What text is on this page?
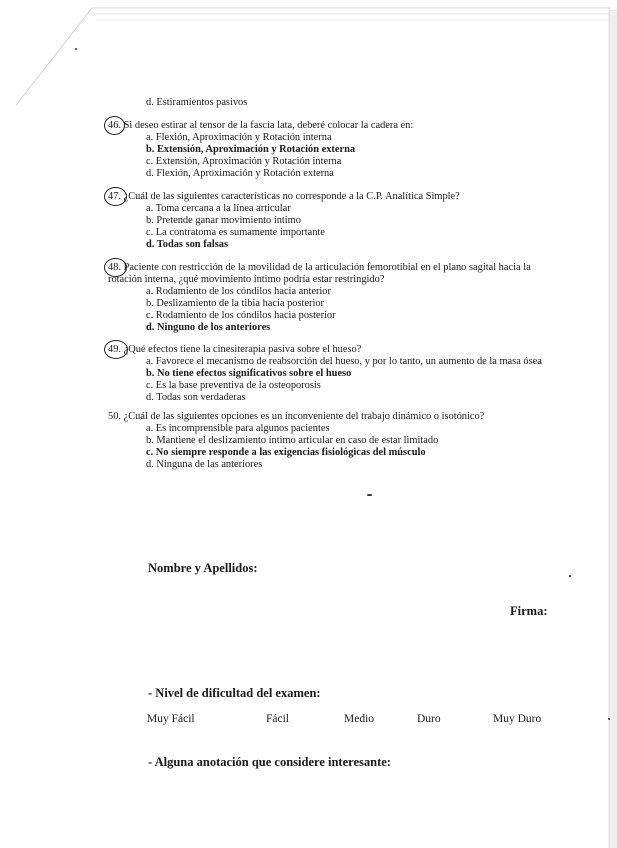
d. Estiramientos pasivos
46. Si deseo estirar al tensor de la fascia lata, deberé colocar la cadera en:
a. Flexión, Aproximación y Rotación interna
b. Extensión, Aproximación y Rotación externa
c. Extensión, Aproximación y Rotación interna
d. Flexión, Aproximación y Rotación externa
47. ¿Cuál de las siguientes características no corresponde a la C.P. Analítica Simple?
a. Toma cercana a la línea articular
b. Pretende ganar movimiento íntimo
c. La contratoma es sumamente importante
d. Todas son falsas
48. Paciente con restricción de la movilidad de la articulación femorotibial en el plano sagital hacia la
rotación interna, ¿qué movimiento íntimo podría estar restringido?
a. Rodamiento de los cóndilos hacia anterior
b. Deslizamiento de la tibia hacia posterior
c. Rodamiento de los cóndilos hacia posterior
d. Ninguno de los anteriores
49. ¿Qué efectos tiene la cinesiterapia pasiva sobre el hueso?
a. Favorece el mecanismo de reabsorción del hueso, y por lo tanto, un aumento de la masa ósea
b. No tiene efectos significativos sobre el hueso
c. Es la base preventiva de la osteoporosis
d. Todas son verdaderas
50. ¿Cuál de las siguientes opciones es un inconveniente del trabajo dinámico o isotónico?
a. Es incomprensible para algunos pacientes
b. Mantiene el deslizamiento íntimo articular en caso de estar limitado
c. No siempre responde a las exigencias fisiológicas del músculo
d. Ninguna de las anteriores
Nombre y Apellidos:
Firma:
- Nivel de dificultad del examen:
Muy Fácil	Fácil	Medio	Duro	Muy Duro
- Alguna anotación que considere interesante:
